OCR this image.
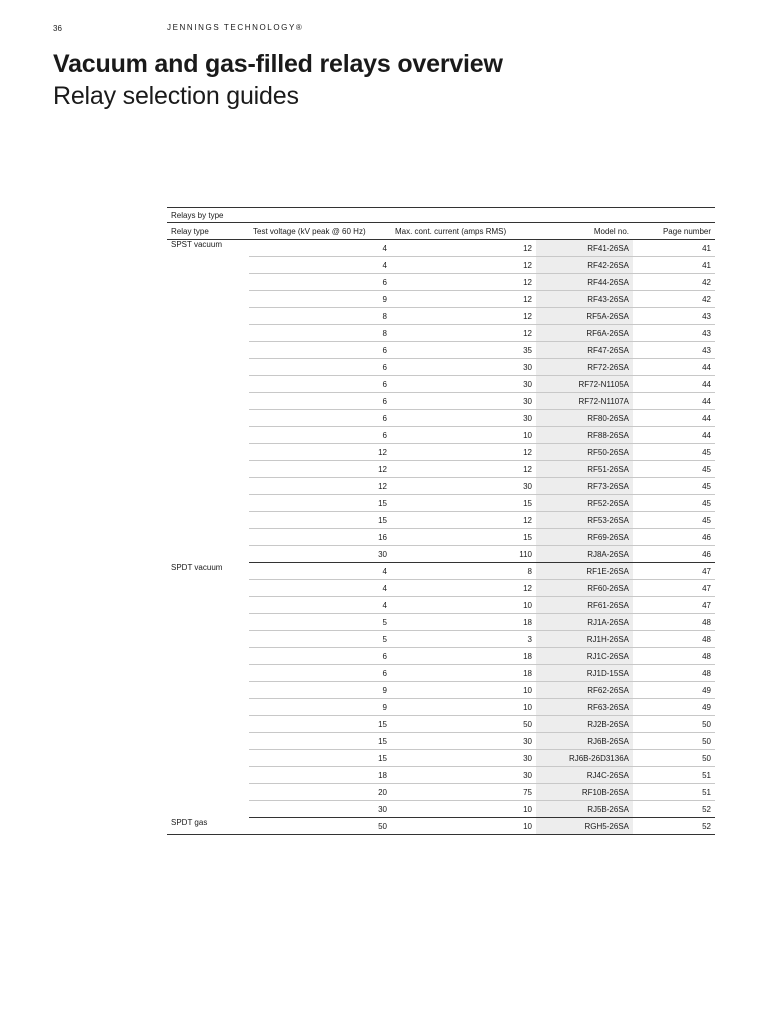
36	JENNINGS TECHNOLOGY®
Vacuum and gas-filled relays overview
Relay selection guides
Relays by type				
Relay type	Test voltage (kV peak @ 60 Hz)	Max. cont. current (amps RMS)	Model no.	Page number
SPST vacuum	4	12	RF41-26SA	41
	4	12	RF42-26SA	41
	6	12	RF44-26SA	42
	9	12	RF43-26SA	42
	8	12	RF5A-26SA	43
	8	12	RF6A-26SA	43
	6	35	RF47-26SA	43
	6	30	RF72-26SA	44
	6	30	RF72-N1105A	44
	6	30	RF72-N1107A	44
	6	30	RF80-26SA	44
	6	10	RF88-26SA	44
	12	12	RF50-26SA	45
	12	12	RF51-26SA	45
	12	30	RF73-26SA	45
	15	15	RF52-26SA	45
	15	12	RF53-26SA	45
	16	15	RF69-26SA	46
	30	110	RJ8A-26SA	46
SPDT vacuum	4	8	RF1E-26SA	47
	4	12	RF60-26SA	47
	4	10	RF61-26SA	47
	5	18	RJ1A-26SA	48
	5	3	RJ1H-26SA	48
	6	18	RJ1C-26SA	48
	6	18	RJ1D-15SA	48
	9	10	RF62-26SA	49
	9	10	RF63-26SA	49
	15	50	RJ2B-26SA	50
	15	30	RJ6B-26SA	50
	15	30	RJ6B-26D3136A	50
	18	30	RJ4C-26SA	51
	20	75	RF10B-26SA	51
	30	10	RJ5B-26SA	52
SPDT gas	50	10	RGH5-26SA	52
